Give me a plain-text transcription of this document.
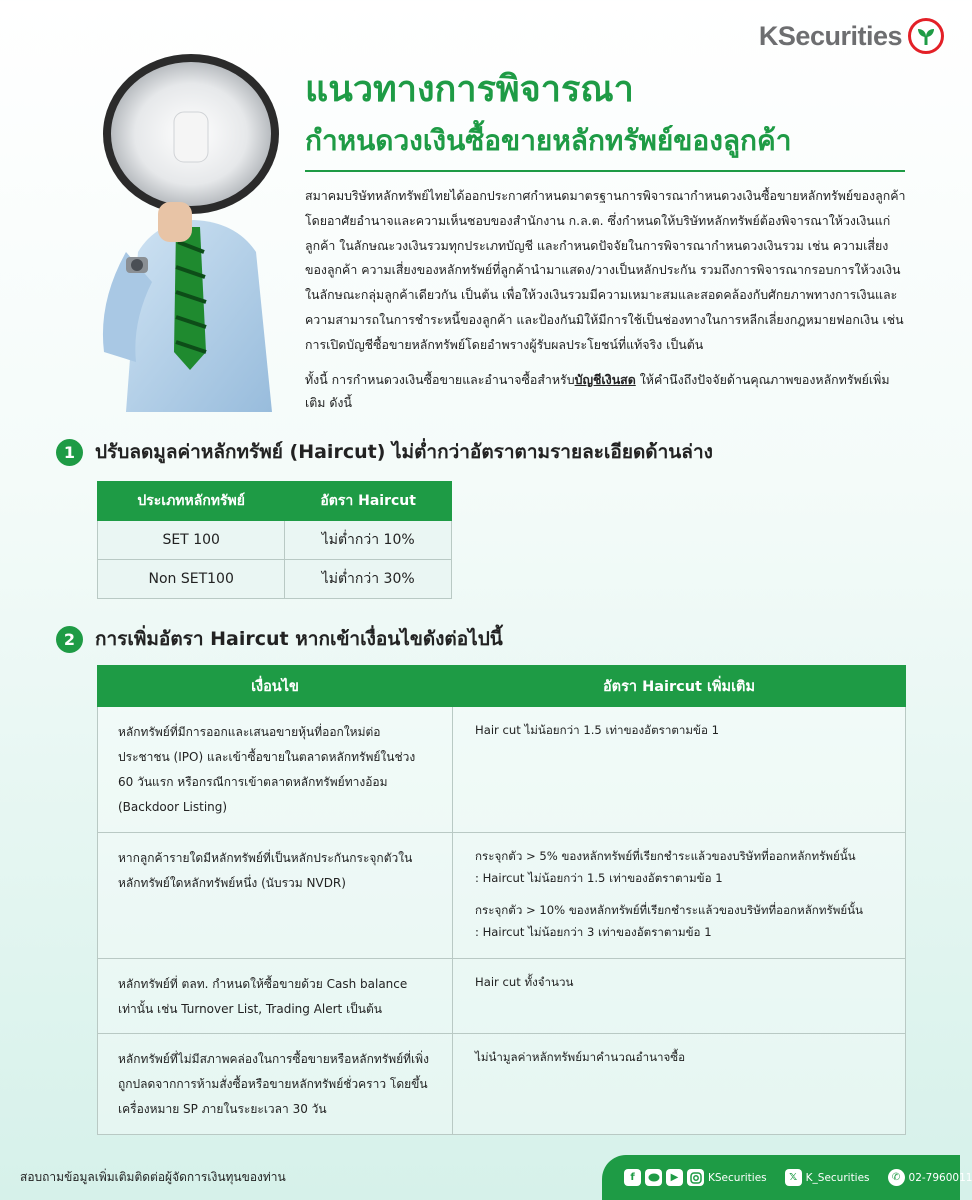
KSecurities
แนวทางการพิจารณา
กำหนดวงเงินซื้อขายหลักทรัพย์ของลูกค้า

สมาคมบริษัทหลักทรัพย์ไทยได้ออกประกาศกำหนดมาตรฐานการพิจารณากำหนดวงเงินซื้อขายหลักทรัพย์ของลูกค้าโดยอาศัยอำนาจและความเห็นชอบของสำนักงาน ก.ล.ต. ซึ่งกำหนดให้บริษัทหลักทรัพย์ต้องพิจารณาให้วงเงินแก่ลูกค้า ในลักษณะวงเงินรวมทุกประเภทบัญชี และกำหนดปัจจัยในการพิจารณากำหนดวงเงินรวม เช่น ความเสี่ยงของลูกค้า ความเสี่ยงของหลักทรัพย์ที่ลูกค้านำมาแสดง/วางเป็นหลักประกัน รวมถึงการพิจารณากรอบการให้วงเงินในลักษณะกลุ่มลูกค้าเดียวกัน เป็นต้น เพื่อให้วงเงินรวมมีความเหมาะสมและสอดคล้องกับศักยภาพทางการเงินและความสามารถในการชำระหนี้ของลูกค้า และป้องกันมิให้มีการใช้เป็นช่องทางในการหลีกเลี่ยงกฎหมายฟอกเงิน เช่น การเปิดบัญชีซื้อขายหลักทรัพย์โดยอำพรางผู้รับผลประโยชน์ที่แท้จริง เป็นต้น

ทั้งนี้ การกำหนดวงเงินซื้อขายและอำนาจซื้อสำหรับบัญชีเงินสด ให้คำนึงถึงปัจจัยด้านคุณภาพของหลักทรัพย์เพิ่มเติม ดังนี้

1	ปรับลดมูลค่าหลักทรัพย์ (Haircut) ไม่ต่ำกว่าอัตราตามรายละเอียดด้านล่าง
ประเภทหลักทรัพย์	อัตรา Haircut
SET 100	ไม่ต่ำกว่า 10%
Non SET100	ไม่ต่ำกว่า 30%
2	การเพิ่มอัตรา Haircut หากเข้าเงื่อนไขดังต่อไปนี้
เงื่อนไข	อัตรา Haircut เพิ่มเติม
หลักทรัพย์ที่มีการออกและเสนอขายหุ้นที่ออกใหม่ต่อประชาชน (IPO) และเข้าซื้อขายในตลาดหลักทรัพย์ในช่วง 60 วันแรก หรือกรณีการเข้าตลาดหลักทรัพย์ทางอ้อม (Backdoor Listing)	Hair cut ไม่น้อยกว่า 1.5 เท่าของอัตราตามข้อ 1

หากลูกค้ารายใดมีหลักทรัพย์ที่เป็นหลักประกันกระจุกตัวในหลักทรัพย์ใดหลักทรัพย์หนึ่ง (นับรวม NVDR)	กระจุกตัว > 5% ของหลักทรัพย์ที่เรียกชำระแล้วของบริษัทที่ออกหลักทรัพย์นั้น
: Haircut ไม่น้อยกว่า 1.5 เท่าของอัตราตามข้อ 1
กระจุกตัว > 10% ของหลักทรัพย์ที่เรียกชำระแล้วของบริษัทที่ออกหลักทรัพย์นั้น
: Haircut ไม่น้อยกว่า 3 เท่าของอัตราตามข้อ 1

หลักทรัพย์ที่ ตลท. กำหนดให้ซื้อขายด้วย Cash balance เท่านั้น เช่น Turnover List, Trading Alert เป็นต้น	Hair cut ทั้งจำนวน

หลักทรัพย์ที่ไม่มีสภาพคล่องในการซื้อขายหรือหลักทรัพย์ที่เพิ่งถูกปลดจากการห้ามสั่งซื้อหรือขายหลักทรัพย์ชั่วคราว โดยขึ้นเครื่องหมาย SP ภายในระยะเวลา 30 วัน	ไม่นำมูลค่าหลักทรัพย์มาคำนวณอำนาจซื้อ
สอบถามข้อมูลเพิ่มเติมติดต่อผู้จัดการเงินทุนของท่าน	f	▶	KSecurities	𝕏 K_Securities	✆ 02-7960011
